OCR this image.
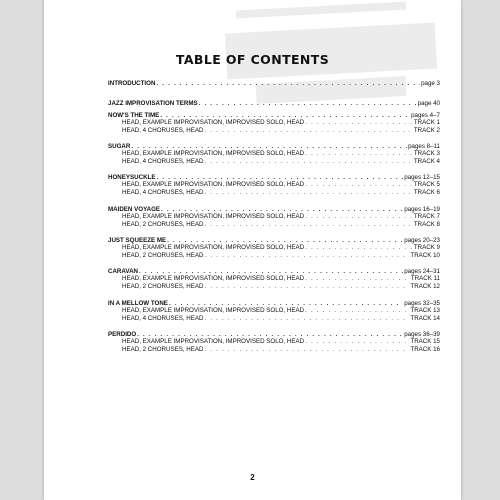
TABLE OF CONTENTS
INTRODUCTION . . .	page 3
JAZZ IMPROVISATION TERMS . . .	page 40
NOW'S THE TIME . . .	pages 4–7
HEAD, EXAMPLE IMPROVISATION, IMPROVISED SOLO, HEAD . . .	TRACK 1
HEAD, 4 CHORUSES, HEAD . . .	TRACK 2
SUGAR . . .	pages 8–11
HEAD, EXAMPLE IMPROVISATION, IMPROVISED SOLO, HEAD . . .	TRACK 3
HEAD, 4 CHORUSES, HEAD . . .	TRACK 4
HONEYSUCKLE . . .	pages 12–15
HEAD, EXAMPLE IMPROVISATION, IMPROVISED SOLO, HEAD . . .	TRACK 5
HEAD, 4 CHORUSES, HEAD . . .	TRACK 6
MAIDEN VOYAGE . . .	pages 16–19
HEAD, EXAMPLE IMPROVISATION, IMPROVISED SOLO, HEAD . . .	TRACK 7
HEAD, 2 CHORUSES, HEAD . . .	TRACK 8
JUST SQUEEZE ME . . .	pages 20–23
HEAD, EXAMPLE IMPROVISATION, IMPROVISED SOLO, HEAD . . .	TRACK 9
HEAD, 2 CHORUSES, HEAD . . .	TRACK 10
CARAVAN . . .	pages 24–31
HEAD, EXAMPLE IMPROVISATION, IMPROVISED SOLO, HEAD . . .	TRACK 11
HEAD, 2 CHORUSES, HEAD . . .	TRACK 12
IN A MELLOW TONE . . .	pages 32–35
HEAD, EXAMPLE IMPROVISATION, IMPROVISED SOLO, HEAD . . .	TRACK 13
HEAD, 4 CHORUSES, HEAD . . .	TRACK 14
PERDIDO . . .	pages 36–39
HEAD, EXAMPLE IMPROVISATION, IMPROVISED SOLO, HEAD . . .	TRACK 15
HEAD, 2 CHORUSES, HEAD . . .	TRACK 16
2
